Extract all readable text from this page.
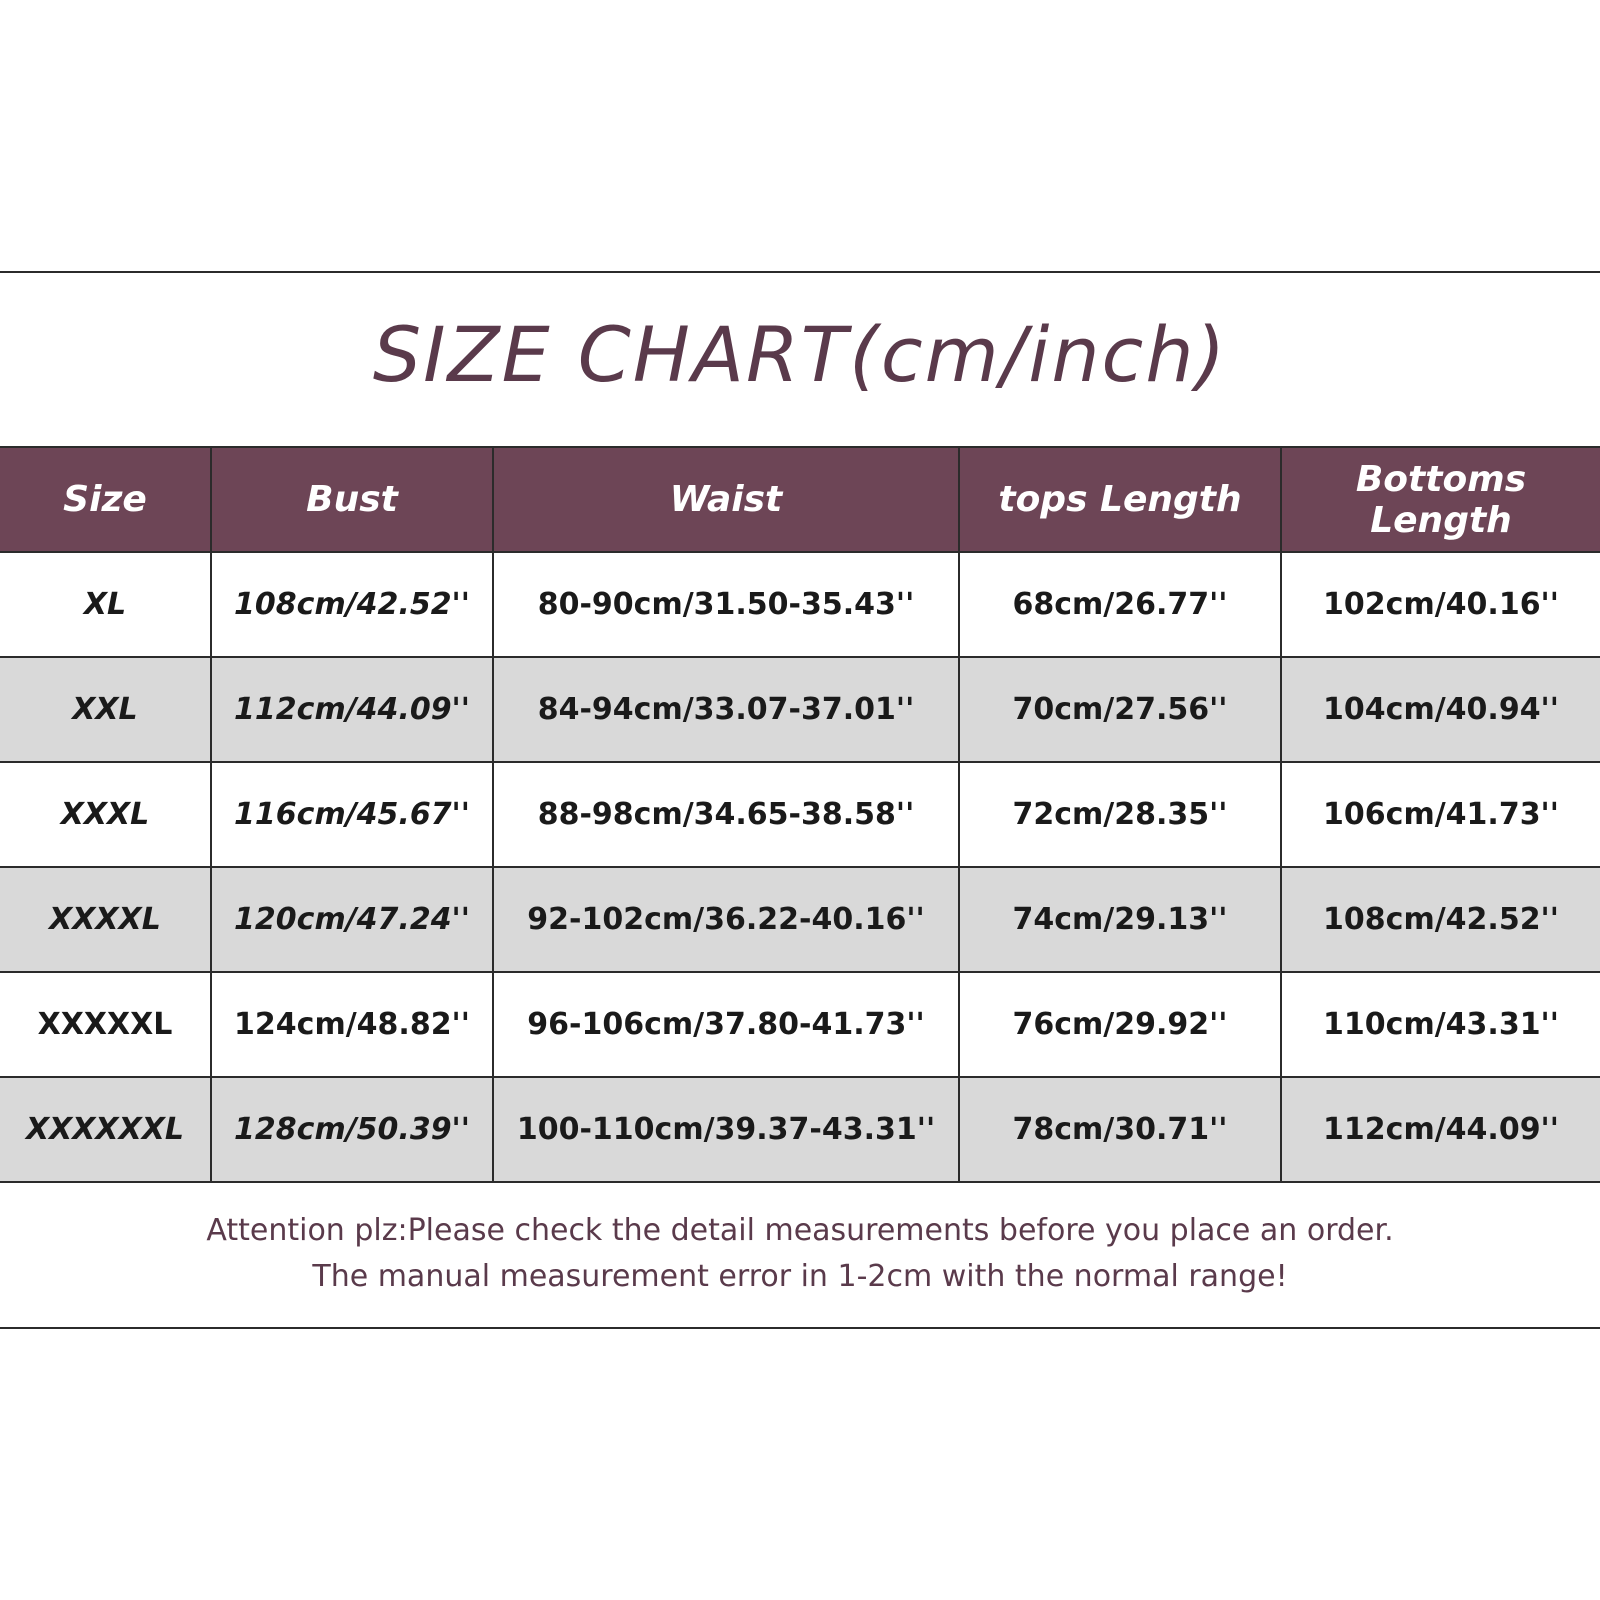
SIZE CHART(cm/inch)
Size	Bust	Waist	tops Length	Bottoms Length
XL	108cm/42.52''	80-90cm/31.50-35.43''	68cm/26.77''	102cm/40.16''
XXL	112cm/44.09''	84-94cm/33.07-37.01''	70cm/27.56''	104cm/40.94''
XXXL	116cm/45.67''	88-98cm/34.65-38.58''	72cm/28.35''	106cm/41.73''
XXXXL	120cm/47.24''	92-102cm/36.22-40.16''	74cm/29.13''	108cm/42.52''
XXXXXL	124cm/48.82''	96-106cm/37.80-41.73''	76cm/29.92''	110cm/43.31''
XXXXXXL	128cm/50.39''	100-110cm/39.37-43.31''	78cm/30.71''	112cm/44.09''
Attention plz:Please check the detail measurements before you place an order.
The manual measurement error in 1-2cm with the normal range!
